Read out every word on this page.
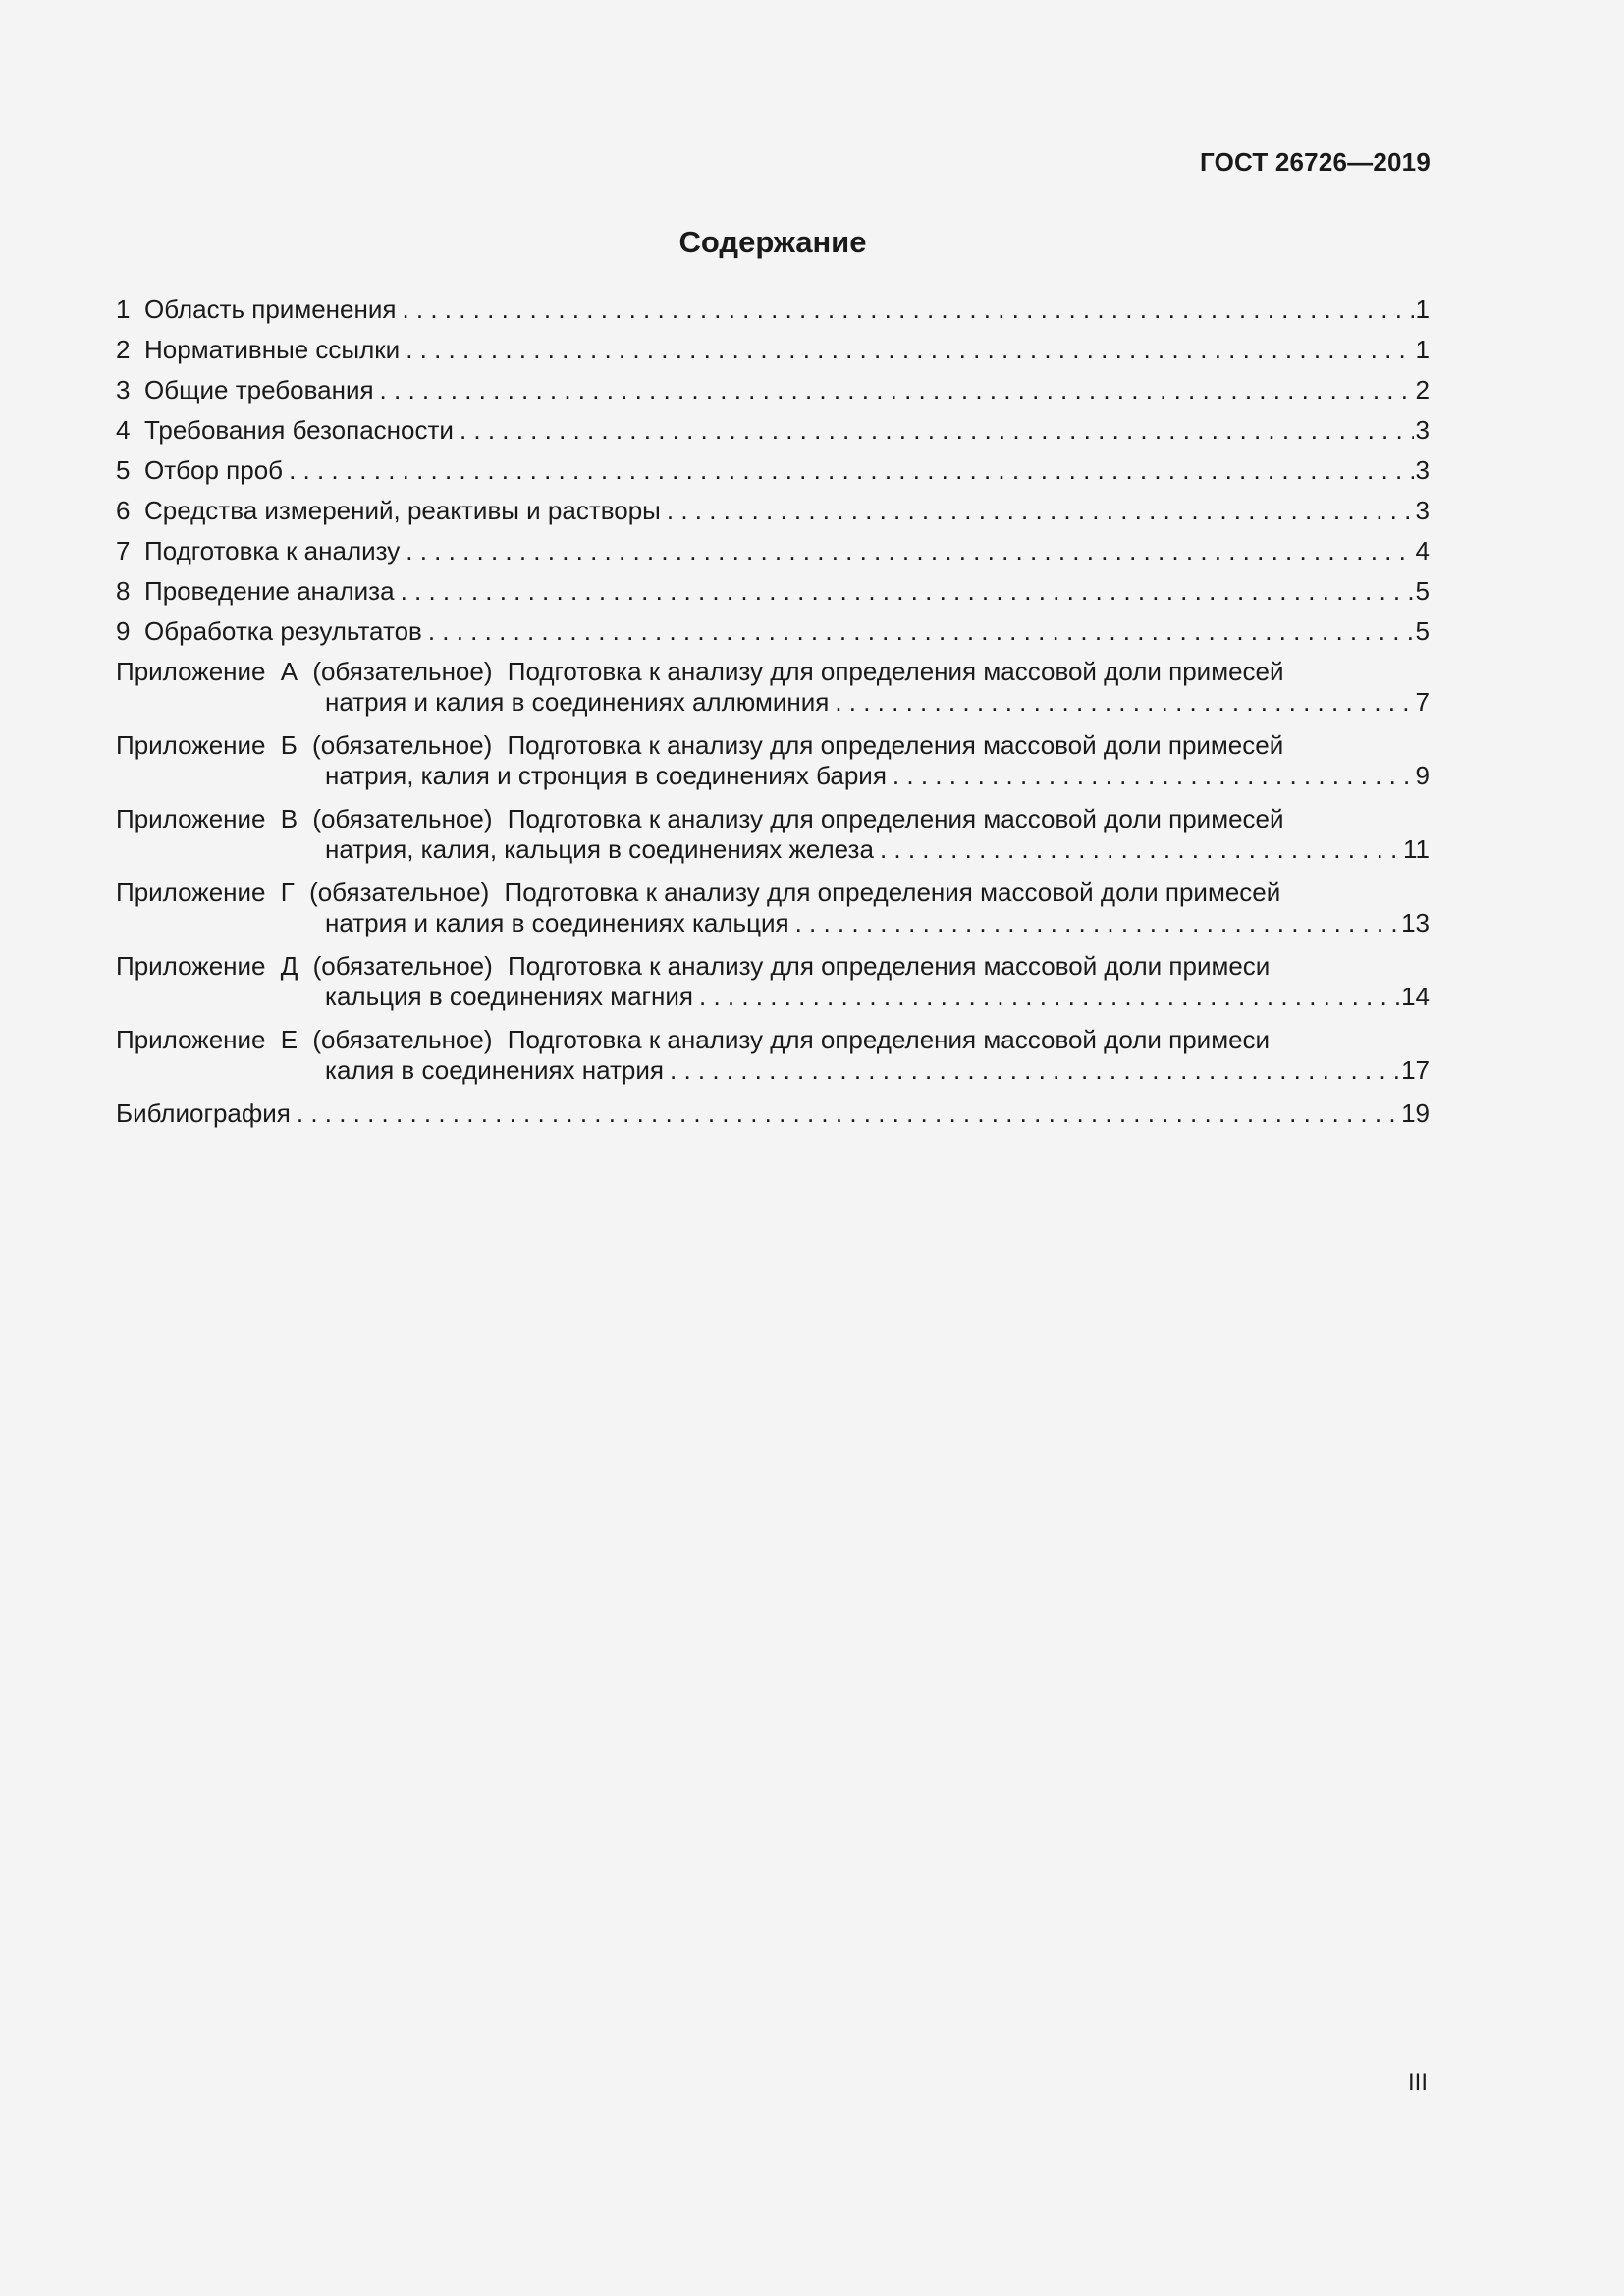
ГОСТ 26726—2019
Содержание
1 Область применения . . .	1
2 Нормативные ссылки . . .	1
3 Общие требования . . .	2
4 Требования безопасности . . .	3
5 Отбор проб . . .	3
6 Средства измерений, реактивы и растворы . . .	3
7 Подготовка к анализу . . .	4
8 Проведение анализа . . .	5
9 Обработка результатов . . .	5
Приложение А (обязательное) Подготовка к анализу для определения массовой доли примесей
натрия и калия в соединениях аллюминия . . .	7
Приложение Б (обязательное) Подготовка к анализу для определения массовой доли примесей
натрия, калия и стронция в соединениях бария . . .	9
Приложение В (обязательное) Подготовка к анализу для определения массовой доли примесей
натрия, калия, кальция в соединениях железа . . .	11
Приложение Г (обязательное) Подготовка к анализу для определения массовой доли примесей
натрия и калия в соединениях кальция . . .	13
Приложение Д (обязательное) Подготовка к анализу для определения массовой доли примеси
кальция в соединениях магния . . .	14
Приложение Е (обязательное) Подготовка к анализу для определения массовой доли примеси
калия в соединениях натрия . . .	17
Библиография . . .	19
III
